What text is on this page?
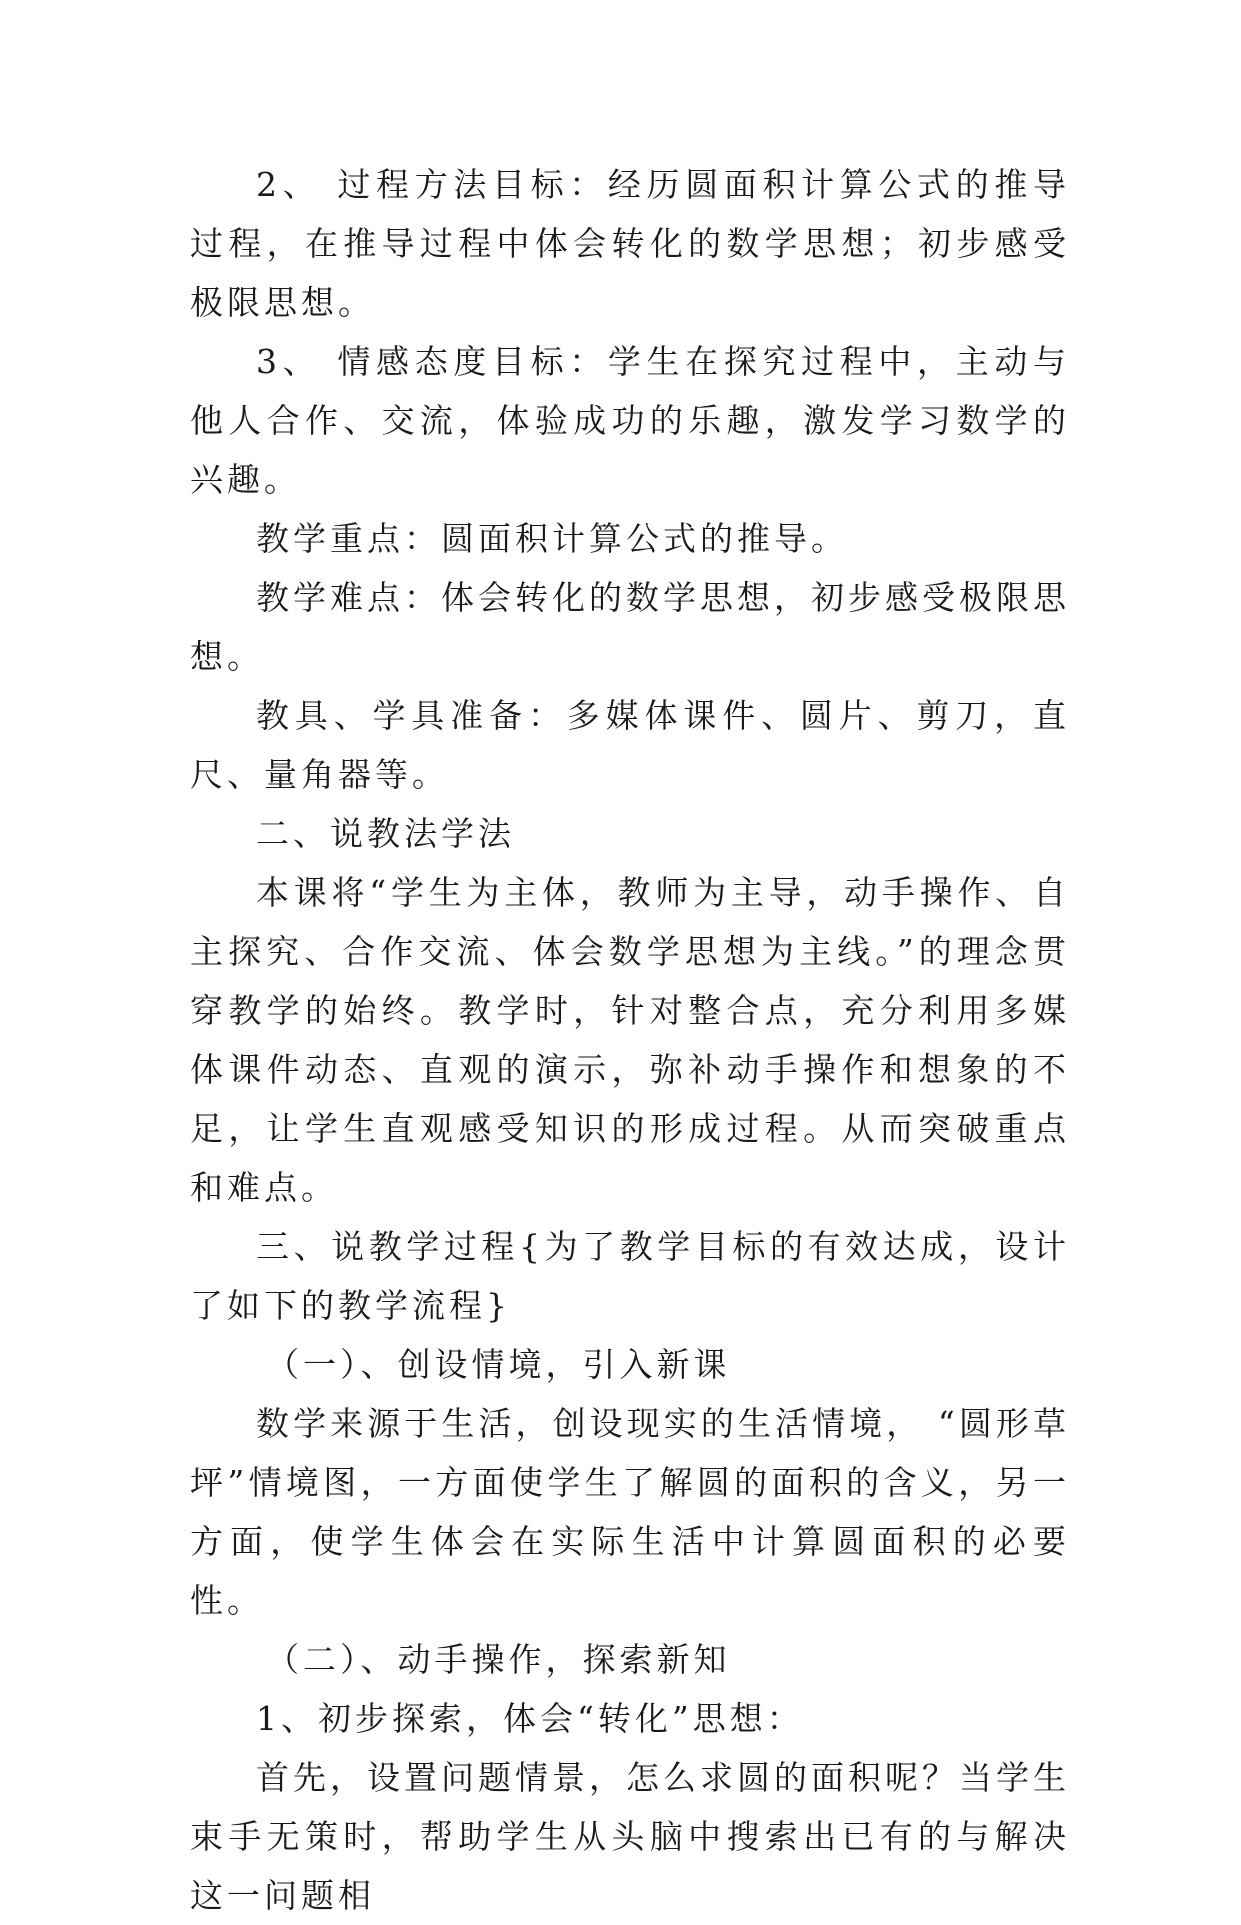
2、 过程方法目标：经历圆面积计算公式的推导过程，在推导过程中体会转化的数学思想；初步感受极限思想。

3、 情感态度目标：学生在探究过程中，主动与他人合作、交流，体验成功的乐趣，激发学习数学的兴趣。

教学重点：圆面积计算公式的推导。

教学难点：体会转化的数学思想，初步感受极限思想。

教具、学具准备：多媒体课件、圆片、剪刀，直尺、量角器等。

二、说教法学法

本课将“学生为主体，教师为主导，动手操作、自主探究、合作交流、体会数学思想为主线。”的理念贯穿教学的始终。教学时，针对整合点，充分利用多媒体课件动态、直观的演示，弥补动手操作和想象的不足，让学生直观感受知识的形成过程。从而突破重点和难点。

三、说教学过程{为了教学目标的有效达成，设计了如下的教学流程}

（一）、创设情境，引入新课

数学来源于生活，创设现实的生活情境， “圆形草坪”情境图，一方面使学生了解圆的面积的含义，另一方面，使学生体会在实际生活中计算圆面积的必要性。

（二）、动手操作，探索新知

1、初步探索，体会“转化”思想：

首先，设置问题情景，怎么求圆的面积呢？当学生束手无策时，帮助学生从头脑中搜索出已有的与解决这一问题相
